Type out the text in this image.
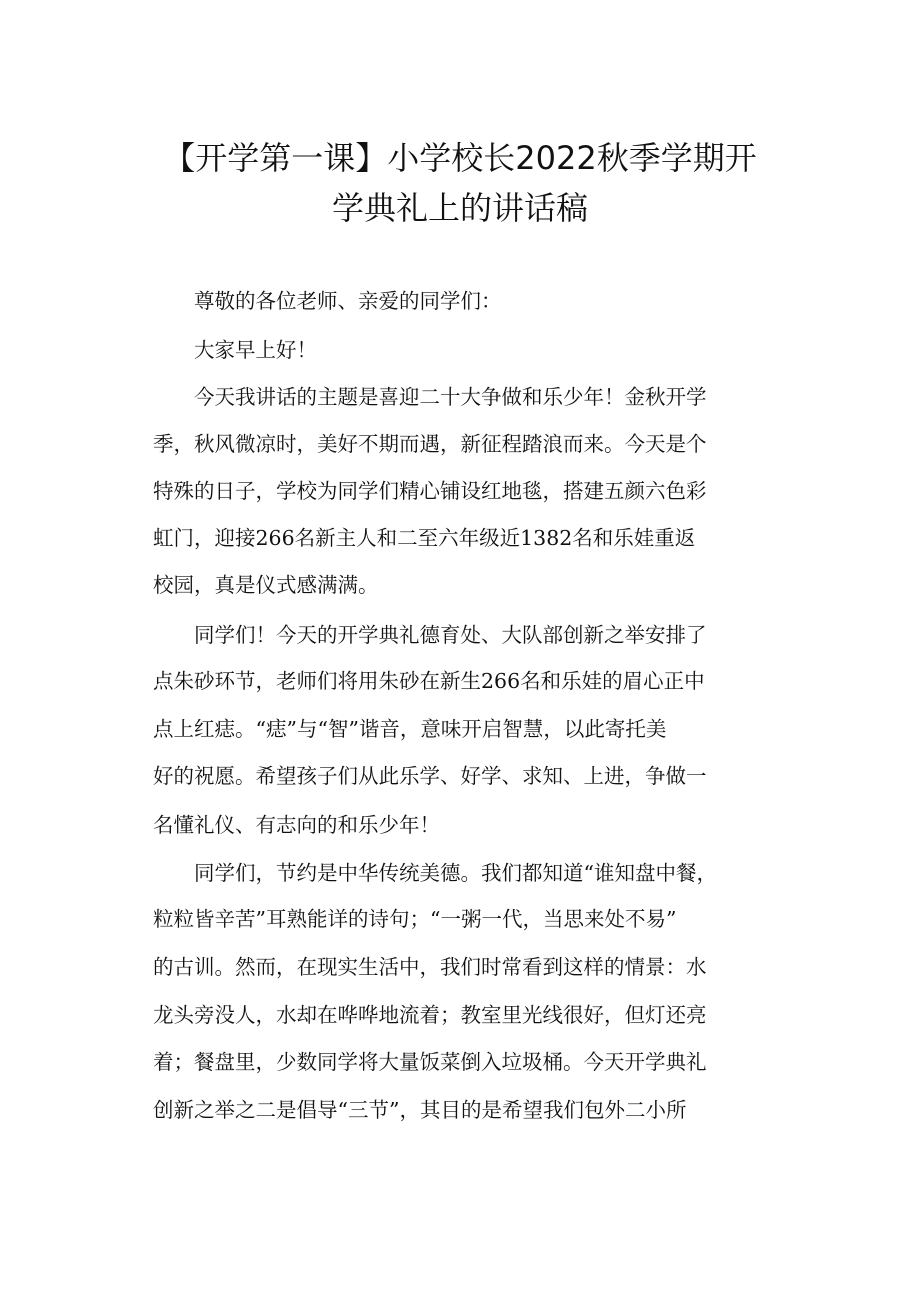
【开学第一课】小学校长2022秋季学期开
学典礼上的讲话稿
　　尊敬的各位老师、亲爱的同学们：
　　大家早上好！
　　今天我讲话的主题是喜迎二十大争做和乐少年！金秋开学
季，秋风微凉时，美好不期而遇，新征程踏浪而来。今天是个
特殊的日子，学校为同学们精心铺设红地毯，搭建五颜六色彩
虹门，迎接266名新主人和二至六年级近1382名和乐娃重返
校园，真是仪式感满满。
　　同学们！今天的开学典礼德育处、大队部创新之举安排了
点朱砂环节，老师们将用朱砂在新生266名和乐娃的眉心正中
点上红痣。“痣”与“智”谐音，意味开启智慧，以此寄托美
好的祝愿。希望孩子们从此乐学、好学、求知、上进，争做一
名懂礼仪、有志向的和乐少年！
　　同学们，节约是中华传统美德。我们都知道“谁知盘中餐，
粒粒皆辛苦”耳熟能详的诗句；“一粥一代，当思来处不易”
的古训。然而，在现实生活中，我们时常看到这样的情景：水
龙头旁没人，水却在哗哗地流着；教室里光线很好，但灯还亮
着；餐盘里，少数同学将大量饭菜倒入垃圾桶。今天开学典礼
创新之举之二是倡导“三节”，其目的是希望我们包外二小所
